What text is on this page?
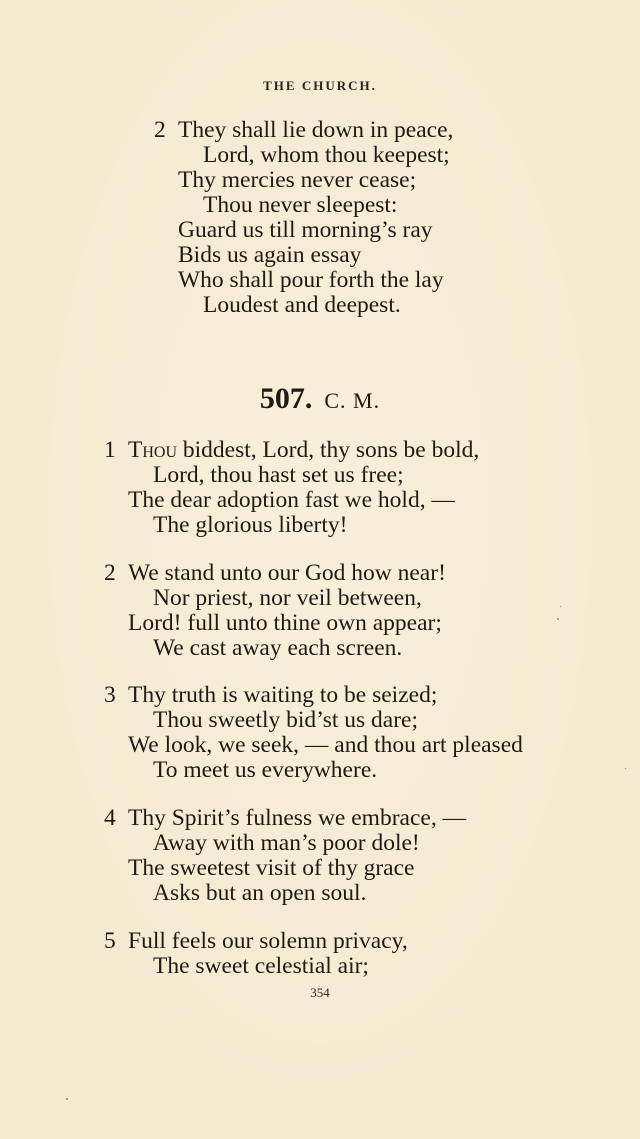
THE CHURCH.
2 They shall lie down in peace,
Lord, whom thou keepest;
Thy mercies never cease;
Thou never sleepest:
Guard us till morning’s ray
Bids us again essay
Who shall pour forth the lay
Loudest and deepest.
507. C. M.
1 Thou biddest, Lord, thy sons be bold,
Lord, thou hast set us free;
The dear adoption fast we hold, —
The glorious liberty!
2 We stand unto our God how near!
Nor priest, nor veil between,
Lord! full unto thine own appear;
We cast away each screen.
3 Thy truth is waiting to be seized;
Thou sweetly bid’st us dare;
We look, we seek, — and thou art pleased
To meet us everywhere.
4 Thy Spirit’s fulness we embrace, —
Away with man’s poor dole!
The sweetest visit of thy grace
Asks but an open soul.
5 Full feels our solemn privacy,
The sweet celestial air;
354
